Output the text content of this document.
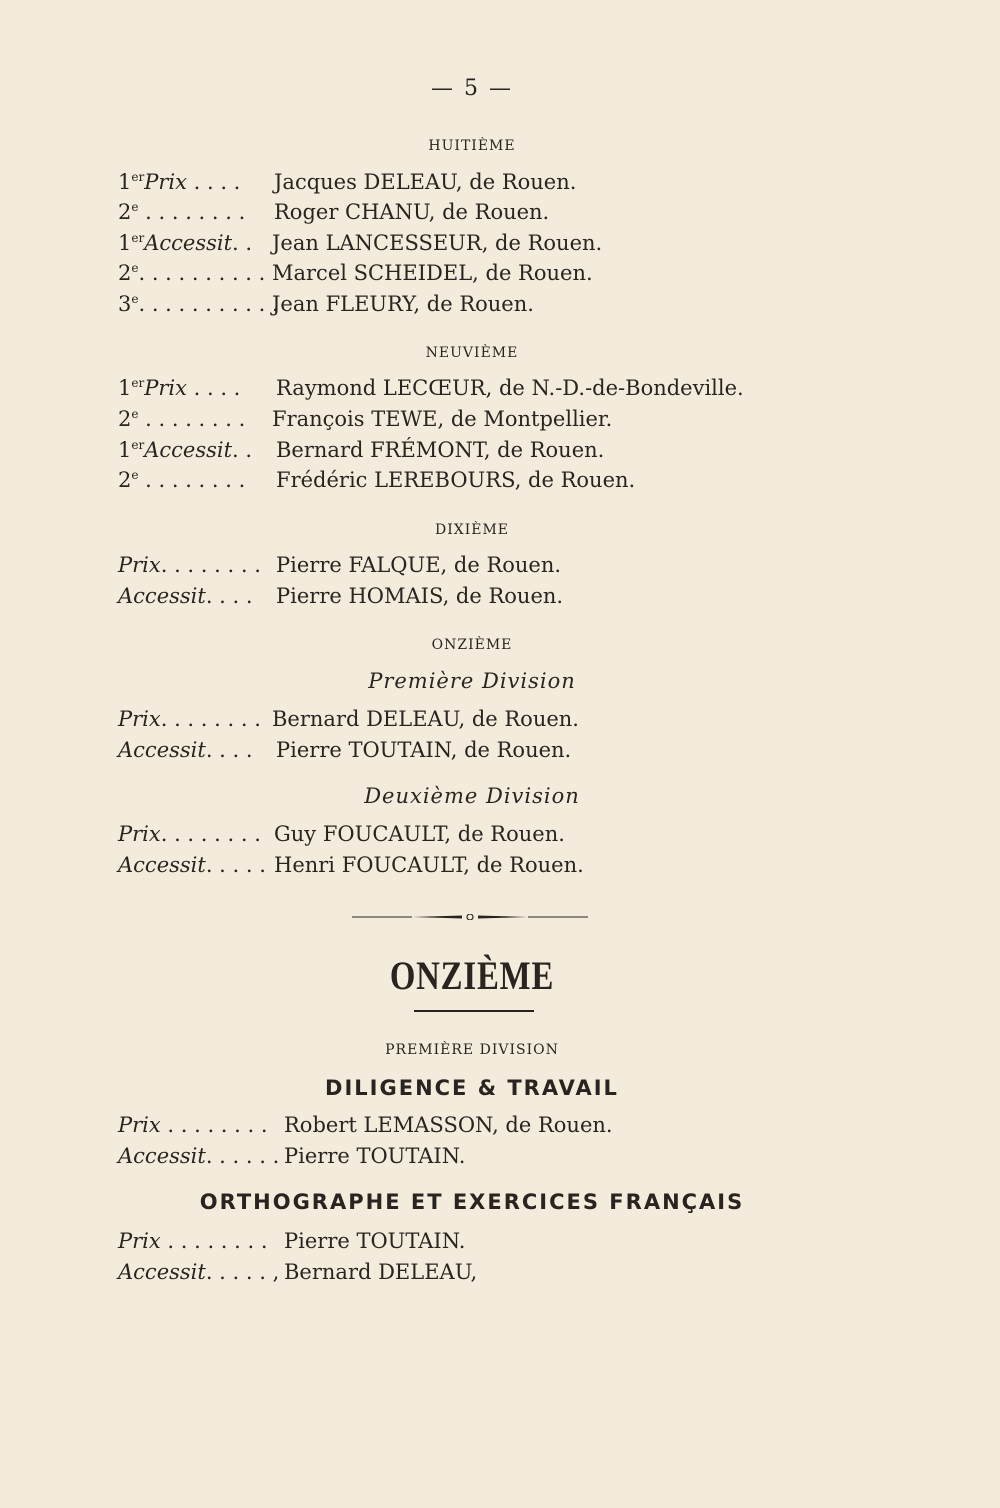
— 5 —
HUITIÈME
1erPrix . . . .Jacques DELEAU, de Rouen.
2e . . . . . . . .Roger CHANU, de Rouen.
1erAccessit. .Jean LANCESSEUR, de Rouen.
2e. . . . . . . . . .Marcel SCHEIDEL, de Rouen.
3e. . . . . . . . . . .Jean FLEURY, de Rouen.
NEUVIÈME
1erPrix . . . .Raymond LECŒUR, de N.-D.-de-Bondeville.
2e . . . . . . . .François TEWE, de Montpellier.
1erAccessit. .Bernard FRÉMONT, de Rouen.
2e . . . . . . . .Frédéric LEREBOURS, de Rouen.
DIXIÈME
Prix. . . . . . . .Pierre FALQUE, de Rouen.
Accessit. . . .Pierre HOMAIS, de Rouen.
ONZIÈME
Première Division
Prix. . . . . . . .Bernard DELEAU, de Rouen.
Accessit. . . .Pierre TOUTAIN, de Rouen.
Deuxième Division
Prix. . . . . . . .Guy FOUCAULT, de Rouen.
Accessit. . . . .Henri FOUCAULT, de Rouen.
ONZIÈME
PREMIÈRE DIVISION
DILIGENCE & TRAVAIL
Prix . . . . . . . .Robert LEMASSON, de Rouen.
Accessit. . . . . .Pierre TOUTAIN.
ORTHOGRAPHE ET EXERCICES FRANÇAIS
Prix . . . . . . . .Pierre TOUTAIN.
Accessit. . . . . ,Bernard DELEAU,
